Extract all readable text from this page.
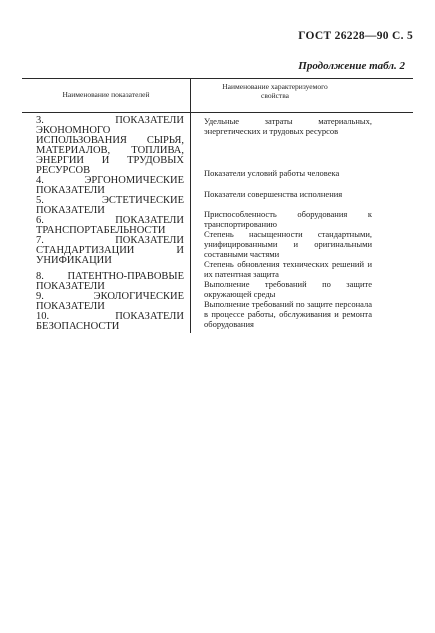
ГОСТ 26228—90 С. 5
Продолжение табл. 2
Наименование показателей
Наименование характеризуемого свойства
3. ПОКАЗАТЕЛИ ЭКОНОМНОГО ИСПОЛЬЗОВАНИЯ СЫРЬЯ, МАТЕРИАЛОВ, ТОПЛИВА, ЭНЕРГИИ И ТРУДОВЫХ РЕСУРСОВ
4. ЭРГОНОМИЧЕСКИЕ ПОКАЗАТЕЛИ
5. ЭСТЕТИЧЕСКИЕ ПОКАЗАТЕЛИ
6. ПОКАЗАТЕЛИ ТРАНСПОРТАБЕЛЬНОСТИ
7. ПОКАЗАТЕЛИ СТАНДАРТИЗАЦИИ И УНИФИКАЦИИ
8. ПАТЕНТНО-ПРАВОВЫЕ ПОКАЗАТЕЛИ
9. ЭКОЛОГИЧЕСКИЕ ПОКАЗАТЕЛИ
10. ПОКАЗАТЕЛИ БЕЗОПАСНОСТИ
Удельные затраты материальных, энергетических и трудовых ресурсов
Показатели условий работы человека
Показатели совершенства исполнения
Приспособленность оборудования к транспортированию
Степень насыщенности стандартными, унифицированными и оригинальными составными частями
Степень обновления технических решений и их патентная защита
Выполнение требований по защите окружающей среды
Выполнение требований по защите персонала в процессе работы, обслуживания и ремонта оборудования
